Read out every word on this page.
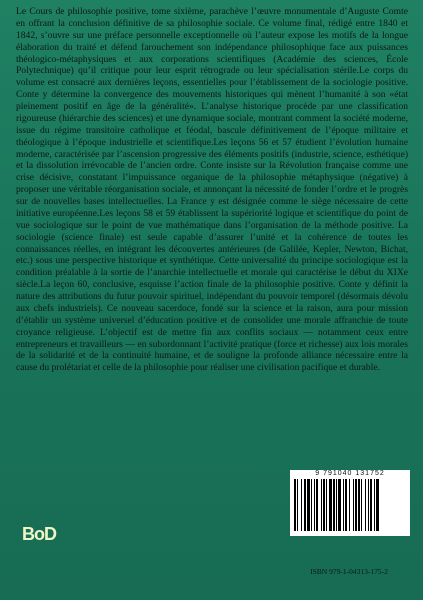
Le Cours de philosophie positive, tome sixième, parachève l’œuvre monumentale d’Auguste Comte en offrant la conclusion définitive de sa philosophie sociale. Ce volume final, rédigé entre 1840 et 1842, s’ouvre sur une préface personnelle exceptionnelle où l’auteur expose les motifs de la longue élaboration du traité et défend farouchement son indépendance philosophique face aux puissances théologico-métaphysiques et aux corporations scientifiques (Académie des sciences, École Polytechnique) qu’il critique pour leur esprit rétrograde ou leur spécialisation stérile.Le corps du volume est consacré aux dernières leçons, essentielles pour l’établissement de la sociologie positive. Conte y détermine la convergence des mouvements historiques qui mènent l’humanité à son «état pleinement positif en âge de la généralité». L’analyse historique procède par une classification rigoureuse (hiérarchie des sciences) et une dynamique sociale, montrant comment la société moderne, issue du régime transitoire catholique et féodal, bascule définitivement de l’époque militaire et théologique à l’époque industrielle et scientifique.Les leçons 56 et 57 étudient l’évolution humaine moderne, caractérisée par l’ascension progressive des éléments positifs (industrie, science, esthétique) et la dissolution irrévocable de l’ancien ordre. Conte insiste sur la Révolution française comme une crise décisive, constatant l’impuissance organique de la philosophie métaphysique (négative) à proposer une véritable réorganisation sociale, et annonçant la nécessité de fonder l’ordre et le progrès sur de nouvelles bases intellectuelles. La France y est désignée comme le siège nécessaire de cette initiative européenne.Les leçons 58 et 59 établissent la supériorité logique et scientifique du point de vue sociologique sur le point de vue mathématique dans l’organisation de la méthode positive. La sociologie (science finale) est seule capable d’assurer l’unité et la cohérence de toutes les connaissances réelles, en intégrant les découvertes antérieures (de Galilée, Kepler, Newton, Bichat, etc.) sous une perspective historique et synthétique. Cette universalité du principe sociologique est la condition préalable à la sortie de l’anarchie intellectuelle et morale qui caractérise le début du XIXe siècle.La leçon 60, conclusive, esquisse l’action finale de la philosophie positive. Conte y définit la nature des attributions du futur pouvoir spirituel, indépendant du pouvoir temporel (désormais dévolu aux chefs industriels). Ce nouveau sacerdoce, fondé sur la science et la raison, aura pour mission d’établir un système universel d’éducation positive et de consolider une morale affranchie de toute croyance religieuse. L’objectif est de mettre fin aux conflits sociaux — notamment ceux entre entrepreneurs et travailleurs — en subordonnant l’activité pratique (force et richesse) aux lois morales de la solidarité et de la continuité humaine, et de souligne la profonde alliance nécessaire entre la cause du prolétariat et celle de la philosophie pour réaliser une civilisation pacifique et durable.

BoD
9 791040 131752
ISBN 979-1-04313-175-2
